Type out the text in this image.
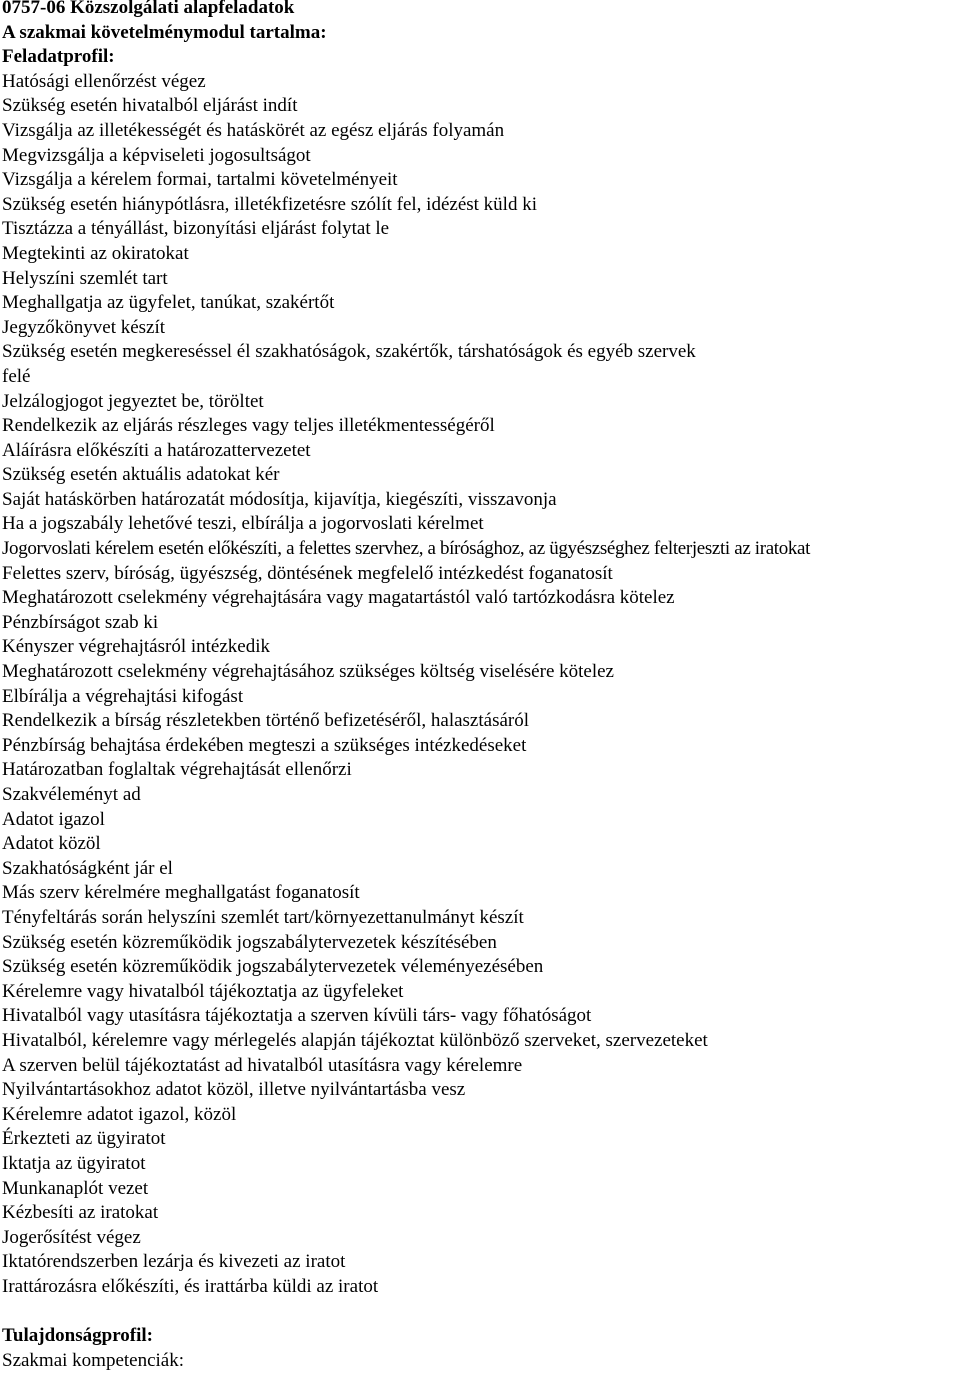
0757-06 Közszolgálati alapfeladatok
A szakmai követelménymodul tartalma:
Feladatprofil:
Hatósági ellenőrzést végez
Szükség esetén hivatalból eljárást indít
Vizsgálja az illetékességét és hatáskörét az egész eljárás folyamán
Megvizsgálja a képviseleti jogosultságot
Vizsgálja a kérelem formai, tartalmi követelményeit
Szükség esetén hiánypótlásra, illetékfizetésre szólít fel, idézést küld ki
Tisztázza a tényállást, bizonyítási eljárást folytat le
Megtekinti az okiratokat
Helyszíni szemlét tart
Meghallgatja az ügyfelet, tanúkat, szakértőt
Jegyzőkönyvet készít
Szükség esetén megkereséssel él szakhatóságok, szakértők, társhatóságok és egyéb szervek
felé
Jelzálogjogot jegyeztet be, töröltet
Rendelkezik az eljárás részleges vagy teljes illetékmentességéről
Aláírásra előkészíti a határozattervezetet
Szükség esetén aktuális adatokat kér
Saját hatáskörben határozatát módosítja, kijavítja, kiegészíti, visszavonja
Ha a jogszabály lehetővé teszi, elbírálja a jogorvoslati kérelmet
Jogorvoslati kérelem esetén előkészíti, a felettes szervhez, a bírósághoz, az ügyészséghez felterjeszti az iratokat
Felettes szerv, bíróság, ügyészség, döntésének megfelelő intézkedést foganatosít
Meghatározott cselekmény végrehajtására vagy magatartástól való tartózkodásra kötelez
Pénzbírságot szab ki
Kényszer végrehajtásról intézkedik
Meghatározott cselekmény végrehajtásához szükséges költség viselésére kötelez
Elbírálja a végrehajtási kifogást
Rendelkezik a bírság részletekben történő befizetéséről, halasztásáról
Pénzbírság behajtása érdekében megteszi a szükséges intézkedéseket
Határozatban foglaltak végrehajtását ellenőrzi
Szakvéleményt ad
Adatot igazol
Adatot közöl
Szakhatóságként jár el
Más szerv kérelmére meghallgatást foganatosít
Tényfeltárás során helyszíni szemlét tart/környezettanulmányt készít
Szükség esetén közreműködik jogszabálytervezetek készítésében
Szükség esetén közreműködik jogszabálytervezetek véleményezésében
Kérelemre vagy hivatalból tájékoztatja az ügyfeleket
Hivatalból vagy utasításra tájékoztatja a szerven kívüli társ- vagy főhatóságot
Hivatalból, kérelemre vagy mérlegelés alapján tájékoztat különböző szerveket, szervezeteket
A szerven belül tájékoztatást ad hivatalból utasításra vagy kérelemre
Nyilvántartásokhoz adatot közöl, illetve nyilvántartásba vesz
Kérelemre adatot igazol, közöl
Érkezteti az ügyiratot
Iktatja az ügyiratot
Munkanaplót vezet
Kézbesíti az iratokat
Jogerősítést végez
Iktatórendszerben lezárja és kivezeti az iratot
Irattározásra előkészíti, és irattárba küldi az iratot
Tulajdonságprofil:
Szakmai kompetenciák:
